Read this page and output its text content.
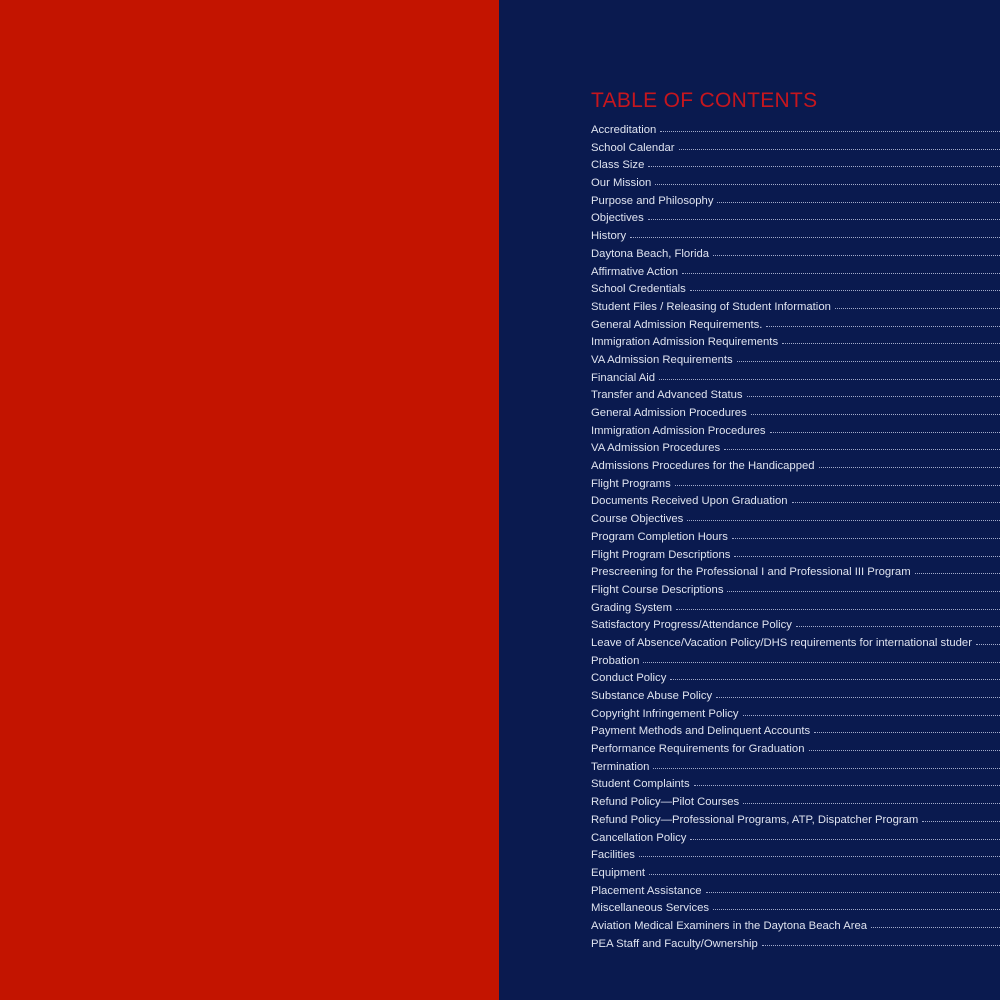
TABLE OF CONTENTS
Accreditation
School Calendar
Class Size
Our Mission
Purpose and Philosophy
Objectives
History
Daytona Beach, Florida
Affirmative Action
School Credentials
Student Files / Releasing of Student Information
General Admission Requirements.
Immigration Admission Requirements
VA Admission Requirements
Financial Aid
Transfer and Advanced Status
General Admission Procedures
Immigration Admission Procedures
VA Admission Procedures
Admissions Procedures for the Handicapped
Flight Programs
Documents Received Upon Graduation
Course Objectives
Program Completion Hours
Flight Program Descriptions
Prescreening for the Professional I and Professional III Program
Flight Course Descriptions
Grading System
Satisfactory Progress/Attendance Policy
Leave of Absence/Vacation Policy/DHS requirements for international studer
Probation
Conduct Policy
Substance Abuse Policy
Copyright Infringement Policy
Payment Methods and Delinquent Accounts
Performance Requirements for Graduation
Termination
Student Complaints
Refund Policy—Pilot Courses
Refund Policy—Professional Programs, ATP, Dispatcher Program
Cancellation Policy
Facilities
Equipment
Placement Assistance
Miscellaneous Services
Aviation Medical Examiners in the Daytona Beach Area
PEA Staff and Faculty/Ownership
